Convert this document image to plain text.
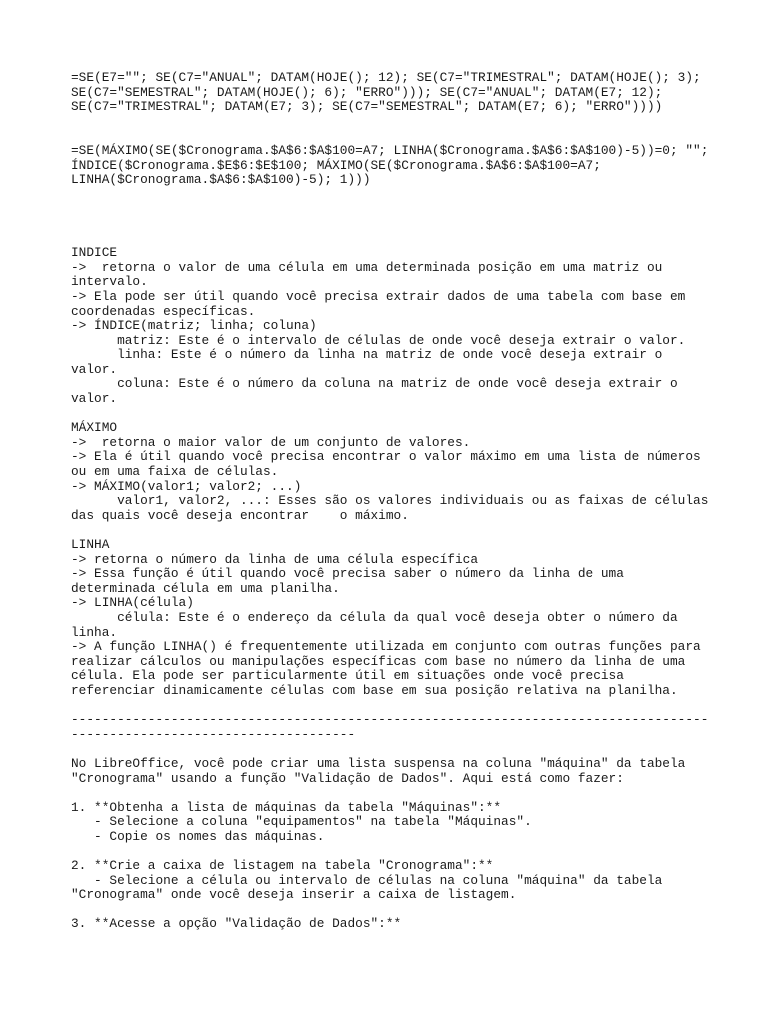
=SE(E7=""; SE(C7="ANUAL"; DATAM(HOJE(); 12); SE(C7="TRIMESTRAL"; DATAM(HOJE(); 3);
SE(C7="SEMESTRAL"; DATAM(HOJE(); 6); "ERRO"))); SE(C7="ANUAL"; DATAM(E7; 12);
SE(C7="TRIMESTRAL"; DATAM(E7; 3); SE(C7="SEMESTRAL"; DATAM(E7; 6); "ERRO"))))
=SE(MÁXIMO(SE($Cronograma.$A$6:$A$100=A7; LINHA($Cronograma.$A$6:$A$100)-5))=0; "";
ÍNDICE($Cronograma.$E$6:$E$100; MÁXIMO(SE($Cronograma.$A$6:$A$100=A7;
LINHA($Cronograma.$A$6:$A$100)-5); 1)))
INDICE
->  retorna o valor de uma célula em uma determinada posição em uma matriz ou
intervalo.
-> Ela pode ser útil quando você precisa extrair dados de uma tabela com base em
coordenadas específicas.
-> ÍNDICE(matriz; linha; coluna)
matriz: Este é o intervalo de células de onde você deseja extrair o valor.
linha: Este é o número da linha na matriz de onde você deseja extrair o
valor.
coluna: Este é o número da coluna na matriz de onde você deseja extrair o
valor.
MÁXIMO
->  retorna o maior valor de um conjunto de valores.
-> Ela é útil quando você precisa encontrar o valor máximo em uma lista de números
ou em uma faixa de células.
-> MÁXIMO(valor1; valor2; ...)
valor1, valor2, ...: Esses são os valores individuais ou as faixas de células
das quais você deseja encontrar    o máximo.
LINHA
-> retorna o número da linha de uma célula específica
-> Essa função é útil quando você precisa saber o número da linha de uma
determinada célula em uma planilha.
-> LINHA(célula)
célula: Este é o endereço da célula da qual você deseja obter o número da
linha.
-> A função LINHA() é frequentemente utilizada em conjunto com outras funções para
realizar cálculos ou manipulações específicas com base no número da linha de uma
célula. Ela pode ser particularmente útil em situações onde você precisa
referenciar dinamicamente células com base em sua posição relativa na planilha.
-----------------------------------------------------------------------------------
-------------------------------------
No LibreOffice, você pode criar uma lista suspensa na coluna "máquina" da tabela
"Cronograma" usando a função "Validação de Dados". Aqui está como fazer:
1. **Obtenha a lista de máquinas da tabela "Máquinas":**
- Selecione a coluna "equipamentos" na tabela "Máquinas".
- Copie os nomes das máquinas.
2. **Crie a caixa de listagem na tabela "Cronograma":**
- Selecione a célula ou intervalo de células na coluna "máquina" da tabela
"Cronograma" onde você deseja inserir a caixa de listagem.
3. **Acesse a opção "Validação de Dados":**
